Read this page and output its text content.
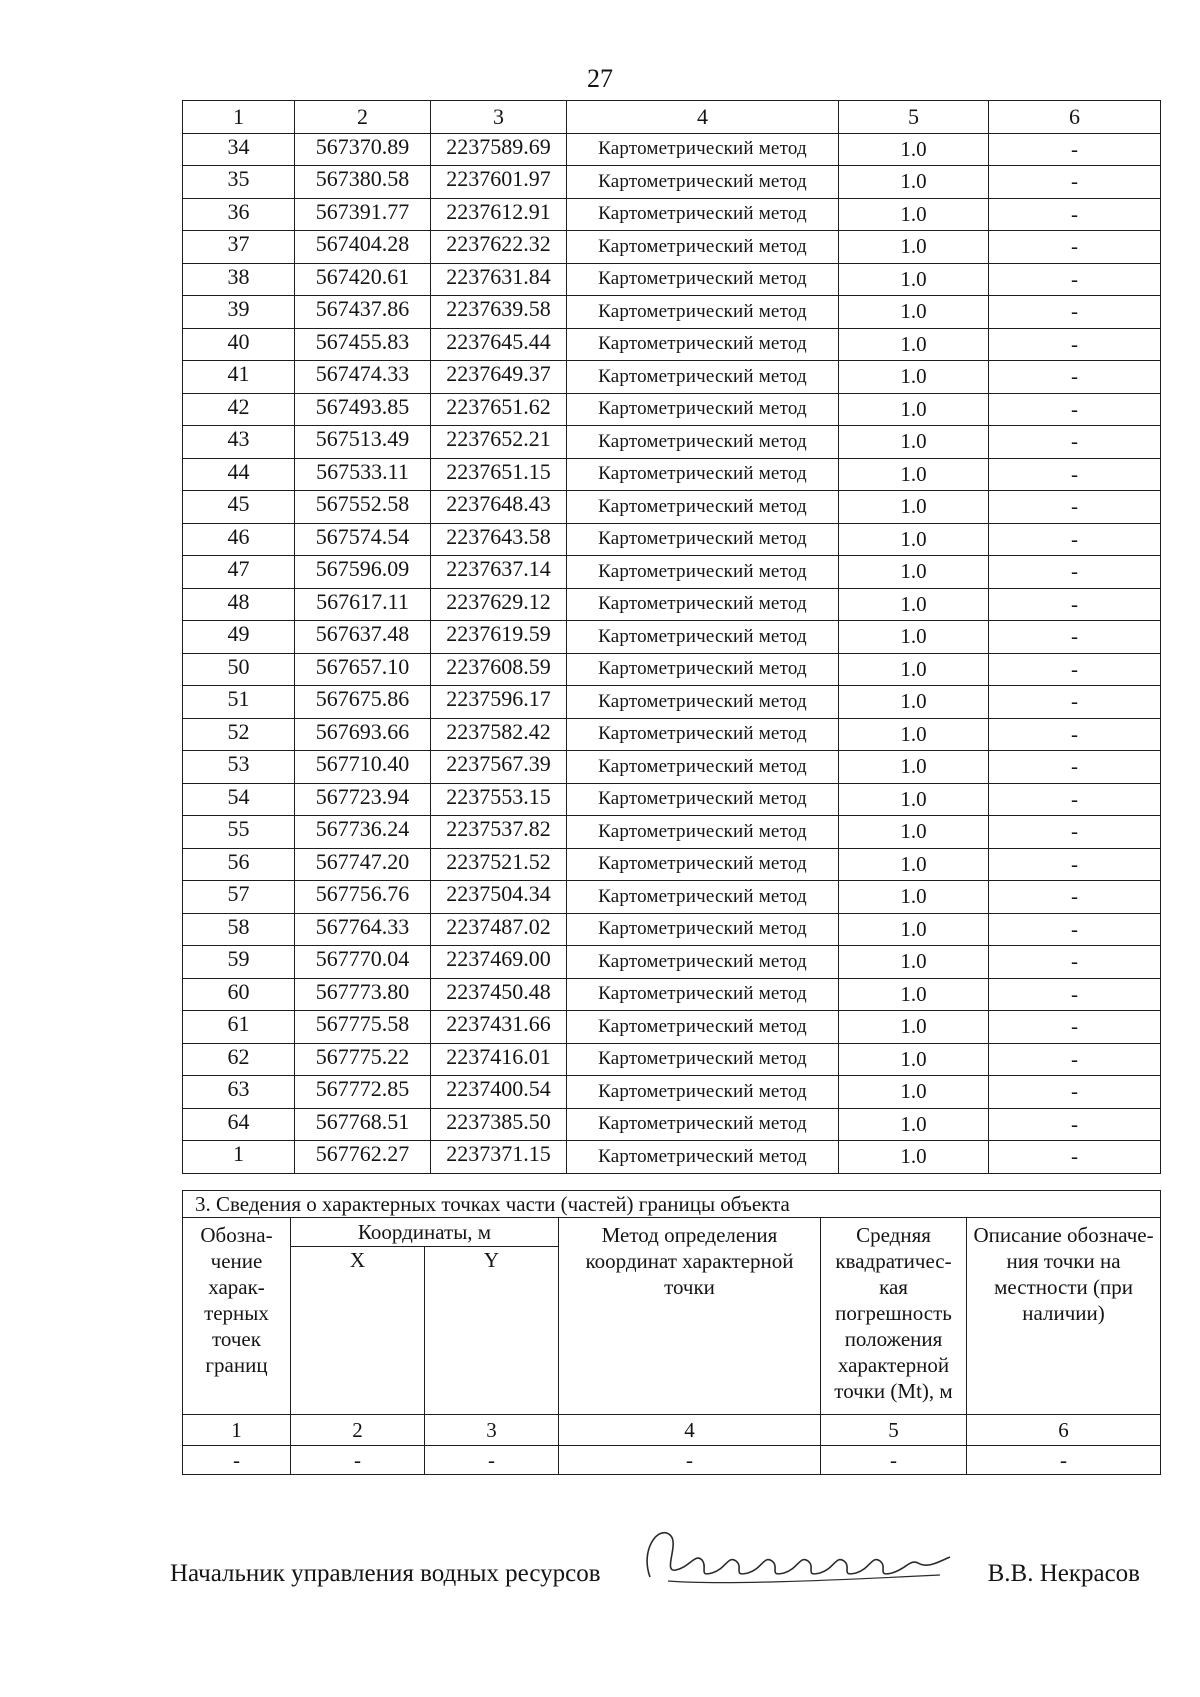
27
1	2	3	4	5	6
34	567370.89	2237589.69	Картометрический метод	1.0	-
35	567380.58	2237601.97	Картометрический метод	1.0	-
36	567391.77	2237612.91	Картометрический метод	1.0	-
37	567404.28	2237622.32	Картометрический метод	1.0	-
38	567420.61	2237631.84	Картометрический метод	1.0	-
39	567437.86	2237639.58	Картометрический метод	1.0	-
40	567455.83	2237645.44	Картометрический метод	1.0	-
41	567474.33	2237649.37	Картометрический метод	1.0	-
42	567493.85	2237651.62	Картометрический метод	1.0	-
43	567513.49	2237652.21	Картометрический метод	1.0	-
44	567533.11	2237651.15	Картометрический метод	1.0	-
45	567552.58	2237648.43	Картометрический метод	1.0	-
46	567574.54	2237643.58	Картометрический метод	1.0	-
47	567596.09	2237637.14	Картометрический метод	1.0	-
48	567617.11	2237629.12	Картометрический метод	1.0	-
49	567637.48	2237619.59	Картометрический метод	1.0	-
50	567657.10	2237608.59	Картометрический метод	1.0	-
51	567675.86	2237596.17	Картометрический метод	1.0	-
52	567693.66	2237582.42	Картометрический метод	1.0	-
53	567710.40	2237567.39	Картометрический метод	1.0	-
54	567723.94	2237553.15	Картометрический метод	1.0	-
55	567736.24	2237537.82	Картометрический метод	1.0	-
56	567747.20	2237521.52	Картометрический метод	1.0	-
57	567756.76	2237504.34	Картометрический метод	1.0	-
58	567764.33	2237487.02	Картометрический метод	1.0	-
59	567770.04	2237469.00	Картометрический метод	1.0	-
60	567773.80	2237450.48	Картометрический метод	1.0	-
61	567775.58	2237431.66	Картометрический метод	1.0	-
62	567775.22	2237416.01	Картометрический метод	1.0	-
63	567772.85	2237400.54	Картометрический метод	1.0	-
64	567768.51	2237385.50	Картометрический метод	1.0	-
1	567762.27	2237371.15	Картометрический метод	1.0	-
3. Сведения о характерных точках части (частей) границы объекта					
Обозна-чение харак-терных точек границ	Координаты, м		Метод определения координат характерной точки	Средняя квадратичес-кая погрешность положения характерной точки (Mt), м	Описание обозначе-ния точки на местности (при наличии)
	X	Y			
1	2	3	4	5	6
-	-	-	-	-	-
Начальник управления водных ресурсов	В.В. Некрасов
